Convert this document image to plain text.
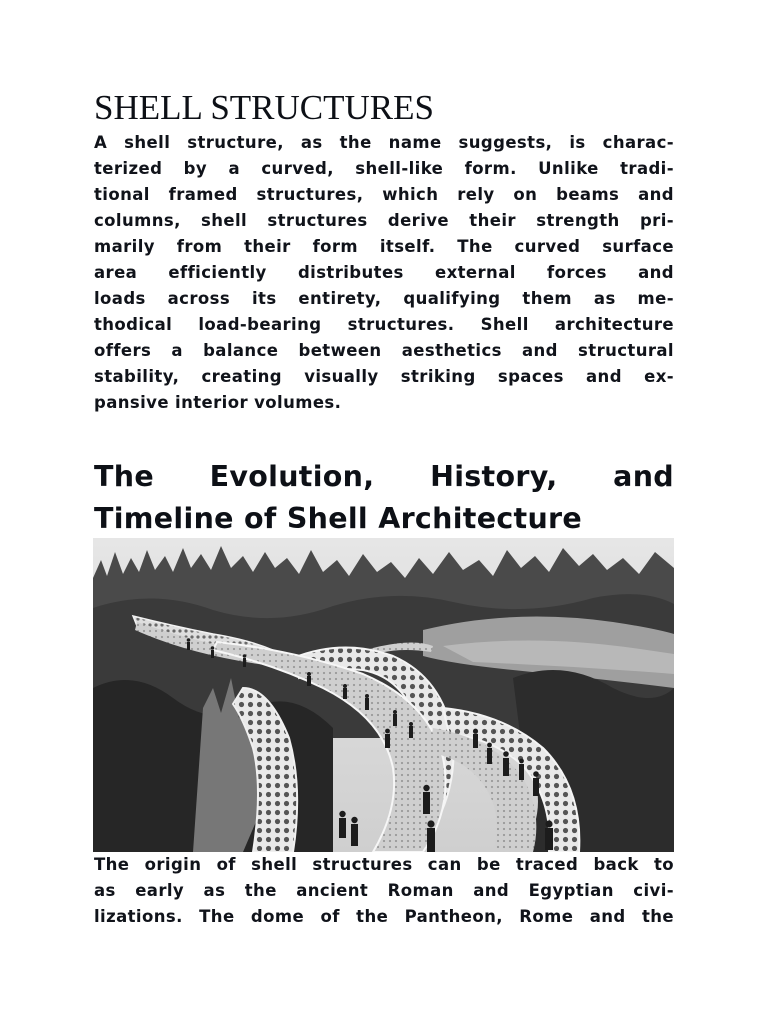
SHELL STRUCTURES

A shell structure, as the name suggests, is charac-
terized by a curved, shell-like form. Unlike tradi-
tional framed structures, which rely on beams and
columns, shell structures derive their strength pri-
marily from their form itself. The curved surface
area efficiently distributes external forces and
loads across its entirety, qualifying them as me-
thodical load-bearing structures. Shell architecture
offers a balance between aesthetics and structural
stability, creating visually striking spaces and ex-
pansive interior volumes.

The Evolution, History, and
Timeline of Shell Architecture

The origin of shell structures can be traced back to
as early as the ancient Roman and Egyptian civi-
lizations. The dome of the Pantheon, Rome and the
